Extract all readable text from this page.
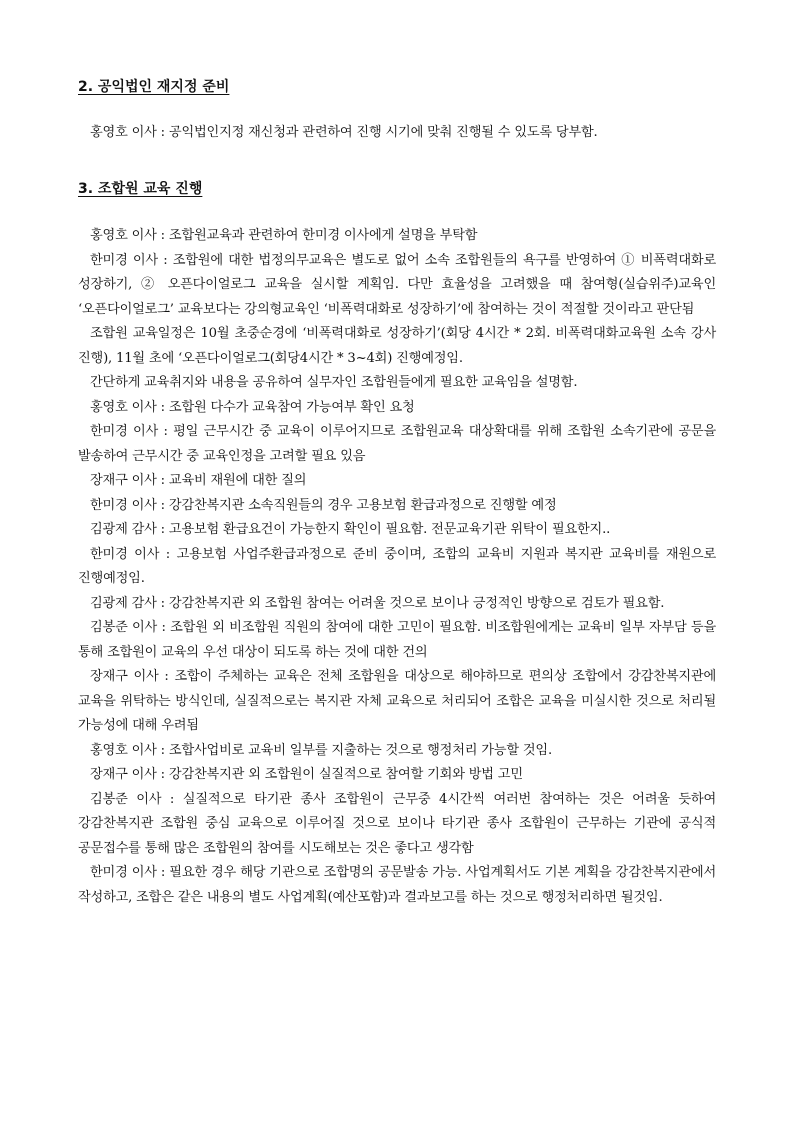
2. 공익법인 재지정 준비

홍영호 이사 : 공익법인지정 재신청과 관련하여 진행 시기에 맞춰 진행될 수 있도록 당부함.

3. 조합원 교육 진행

홍영호 이사 : 조합원교육과 관련하여 한미경 이사에게 설명을 부탁함

한미경 이사 : 조합원에 대한 법정의무교육은 별도로 없어 소속 조합원들의 욕구를 반영하여 ① 비폭력대화로 성장하기, ② 오픈다이얼로그 교육을 실시할 계획임. 다만 효율성을 고려했을 때 참여형(실습위주)교육인 ‘오픈다이얼로그’ 교육보다는 강의형교육인 ‘비폭력대화로 성장하기’에 참여하는 것이 적절할 것이라고 판단됨

조합원 교육일정은 10월 초중순경에 ‘비폭력대화로 성장하기’(회당 4시간 * 2회. 비폭력대화교육원 소속 강사 진행), 11월 초에 ‘오픈다이얼로그(회당4시간 * 3~4회) 진행예정임.

간단하게 교육취지와 내용을 공유하여 실무자인 조합원들에게 필요한 교육임을 설명함.

홍영호 이사 : 조합원 다수가 교육참여 가능여부 확인 요청

한미경 이사 : 평일 근무시간 중 교육이 이루어지므로 조합원교육 대상확대를 위해 조합원 소속기관에 공문을 발송하여 근무시간 중 교육인정을 고려할 필요 있음

장재구 이사 : 교육비 재원에 대한 질의

한미경 이사 : 강감찬복지관 소속직원들의 경우 고용보험 환급과정으로 진행할 예정

김광제 감사 : 고용보험 환급요건이 가능한지 확인이 필요함. 전문교육기관 위탁이 필요한지..

한미경 이사 : 고용보험 사업주환급과정으로 준비 중이며, 조합의 교육비 지원과 복지관 교육비를 재원으로 진행예정임.

김광제 감사 : 강감찬복지관 외 조합원 참여는 어려울 것으로 보이나 긍정적인 방향으로 검토가 필요함.

김봉준 이사 : 조합원 외 비조합원 직원의 참여에 대한 고민이 필요함. 비조합원에게는 교육비 일부 자부담 등을 통해 조합원이 교육의 우선 대상이 되도록 하는 것에 대한 건의

장재구 이사 : 조합이 주체하는 교육은 전체 조합원을 대상으로 해야하므로 편의상 조합에서 강감찬복지관에 교육을 위탁하는 방식인데, 실질적으로는 복지관 자체 교육으로 처리되어 조합은 교육을 미실시한 것으로 처리될 가능성에 대해 우려됨

홍영호 이사 : 조합사업비로 교육비 일부를 지출하는 것으로 행정처리 가능할 것임.

장재구 이사 : 강감찬복지관 외 조합원이 실질적으로 참여할 기회와 방법 고민

김봉준 이사 : 실질적으로 타기관 종사 조합원이 근무중 4시간씩 여러번 참여하는 것은 어려울 듯하여 강감찬복지관 조합원 중심 교육으로 이루어질 것으로 보이나 타기관 종사 조합원이 근무하는 기관에 공식적 공문접수를 통해 많은 조합원의 참여를 시도해보는 것은 좋다고 생각함

한미경 이사 : 필요한 경우 해당 기관으로 조합명의 공문발송 가능. 사업계획서도 기본 계획을 강감찬복지관에서 작성하고, 조합은 같은 내용의 별도 사업계획(예산포함)과 결과보고를 하는 것으로 행정처리하면 될것임.
